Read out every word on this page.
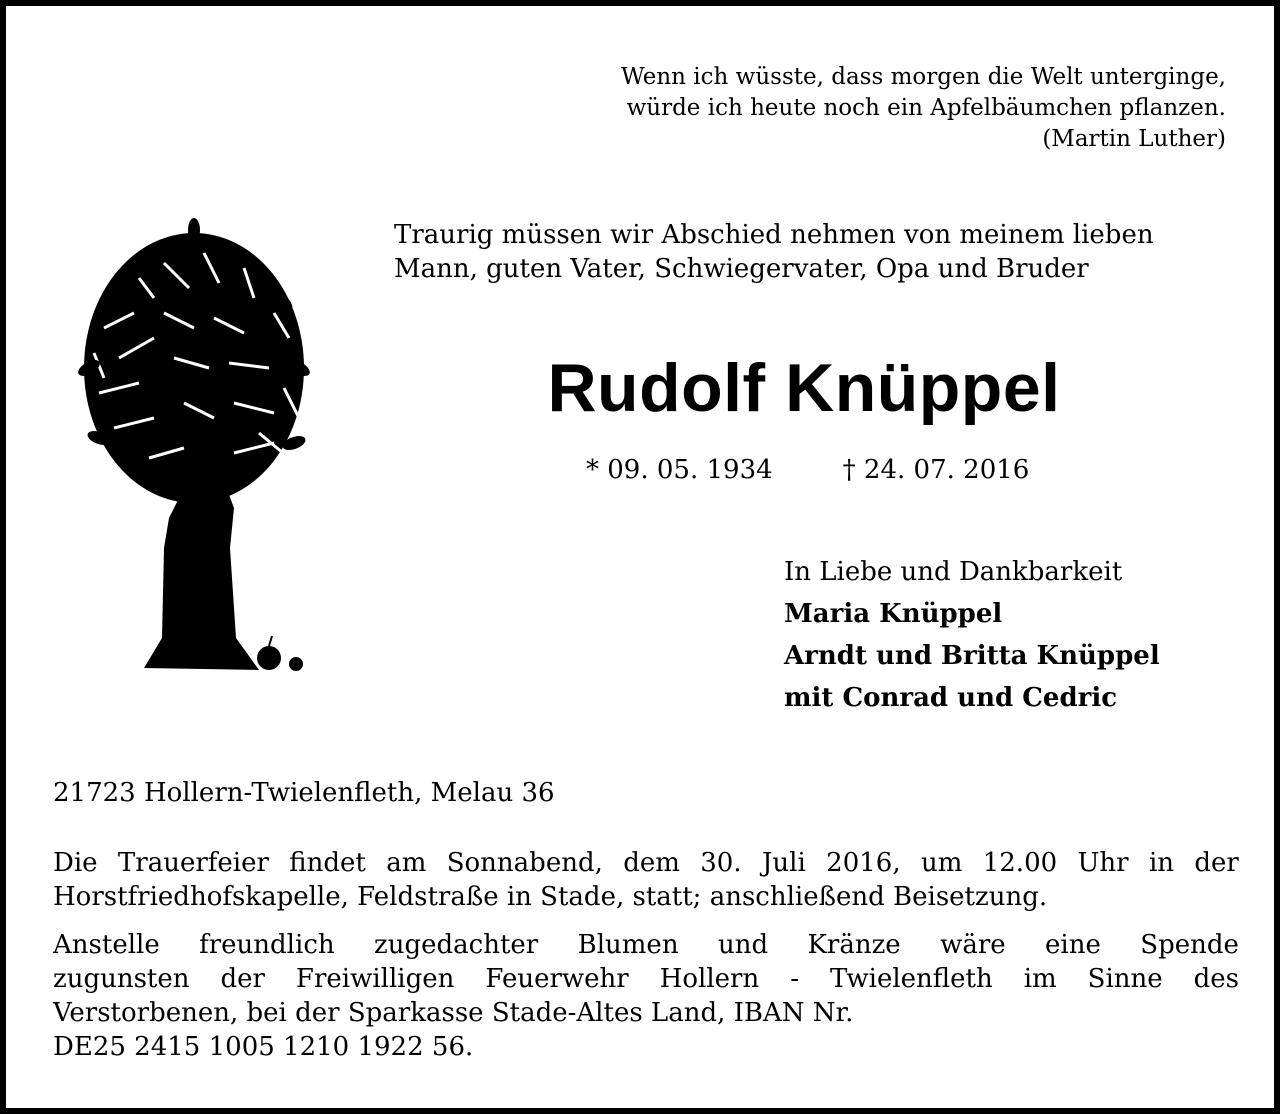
Wenn ich wüsste, dass morgen die Welt unterginge,
würde ich heute noch ein Apfelbäumchen pflanzen.
(Martin Luther)
Traurig müssen wir Abschied nehmen von meinem lieben
Mann, guten Vater, Schwiegervater, Opa und Bruder
Rudolf Knüppel
* 09. 05. 1934	† 24. 07. 2016
In Liebe und Dankbarkeit
Maria Knüppel
Arndt und Britta Knüppel
mit Conrad und Cedric
21723 Hollern-Twielenfleth, Melau 36
Die Trauerfeier findet am Sonnabend, dem 30. Juli 2016, um 12.00 Uhr in der
Horstfriedhofskapelle, Feldstraße in Stade, statt; anschließend Beisetzung.
Anstelle freundlich zugedachter Blumen und Kränze wäre eine Spende
zugunsten der Freiwilligen Feuerwehr Hollern - Twielenfleth im Sinne des
Verstorbenen, bei der Sparkasse Stade-Altes Land, IBAN Nr.
DE25 2415 1005 1210 1922 56.
